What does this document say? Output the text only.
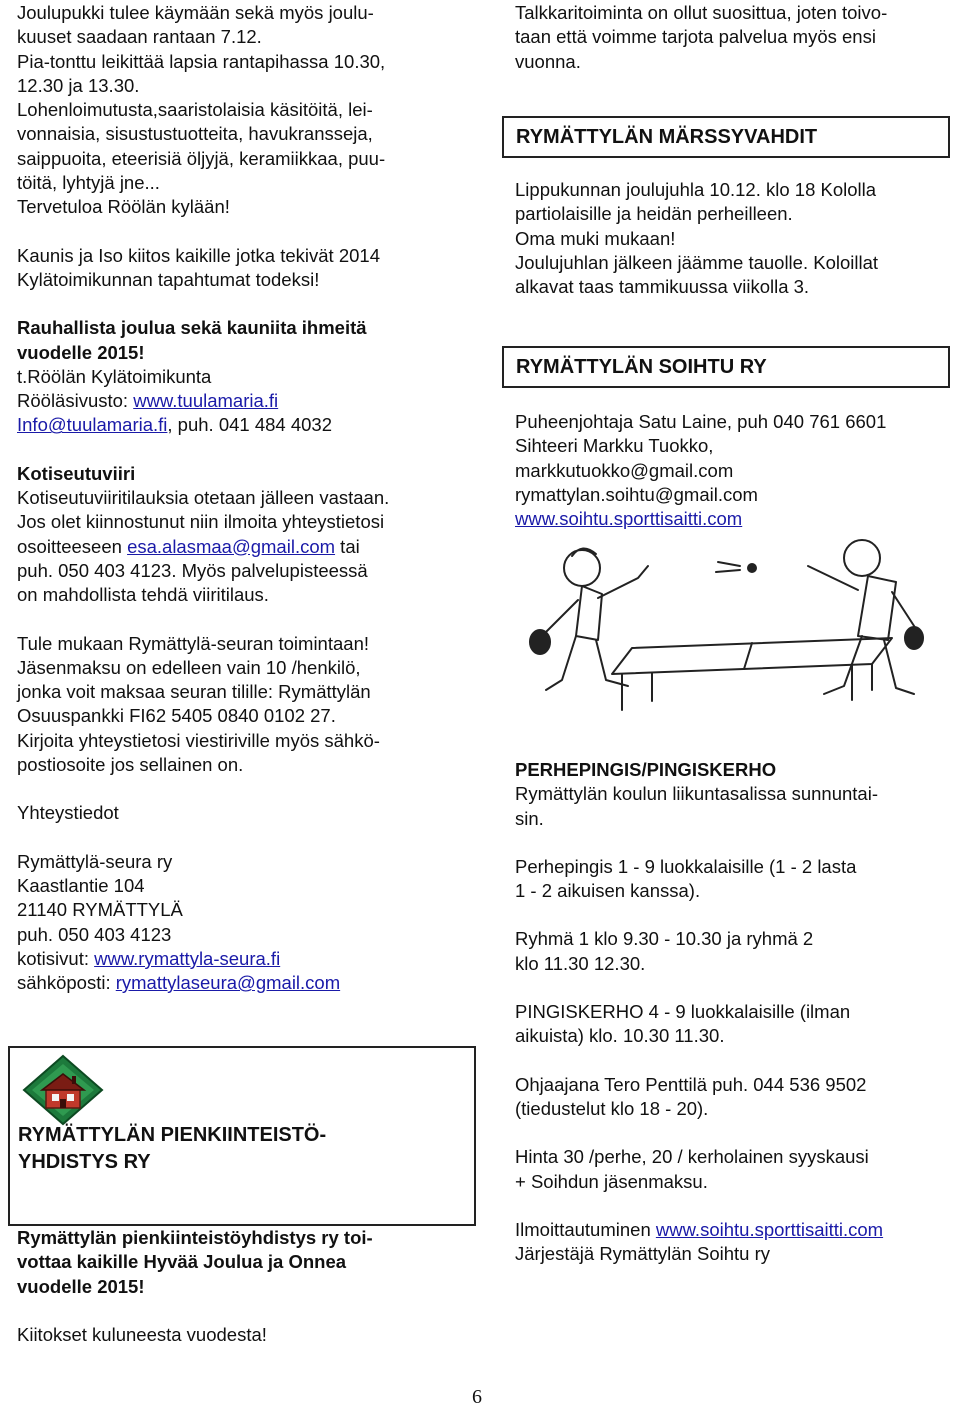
Joulupukki tulee käymään sekä myös joulu-

kuuset saadaan rantaan 7.12.

Pia-tonttu leikittää lapsia rantapihassa 10.30,

12.30 ja 13.30.

Lohenloimutusta,saaristolaisia käsitöitä, lei-

vonnaisia, sisustustuotteita, havukransseja,

saippuoita, eteerisiä öljyjä, keramiikkaa, puu-

töitä, lyhtyjä jne...

Tervetuloa Röölän kylään!

Kaunis ja Iso kiitos kaikille jotka tekivät 2014

Kylätoimikunnan tapahtumat todeksi!

Rauhallista joulua sekä kauniita ihmeitä

vuodelle 2015!

t.Röölän Kylätoimikunta

Rööläsivusto: www.tuulamaria.fi

Info@tuulamaria.fi, puh. 041 484 4032

Kotiseutuviiri

Kotiseutuviiritilauksia otetaan jälleen vastaan.

Jos olet kiinnostunut niin ilmoita yhteystietosi

osoitteeseen esa.alasmaa@gmail.com tai

puh. 050 403 4123. Myös palvelupisteessä

on mahdollista tehdä viiritilaus.

Tule mukaan Rymättylä-seuran toimintaan!

Jäsenmaksu on edelleen vain 10 /henkilö,

jonka voit maksaa seuran tilille: Rymättylän

Osuuspankki FI62 5405 0840 0102 27.

Kirjoita yhteystietosi viestiriville myös sähkö-

postiosoite jos sellainen on.

Yhteystiedot

Rymättylä-seura ry

Kaastlantie 104

21140 RYMÄTTYLÄ

puh. 050 403 4123

kotisivut: www.rymattyla-seura.fi

sähköposti: rymattylaseura@gmail.com

RYMÄTTYLÄN PIENKIINTEISTÖ-
YHDISTYS RY

Rymättylän pienkiinteistöyhdistys ry toi-

vottaa kaikille Hyvää Joulua ja Onnea

vuodelle 2015!

Kiitokset kuluneesta vuodesta!

Talkkaritoiminta on ollut suosittua, joten toivo-

taan että voimme tarjota palvelua myös ensi

vuonna.

RYMÄTTYLÄN MÄRSSYVAHDIT

Lippukunnan joulujuhla 10.12. klo 18 Kololla

partiolaisille ja heidän perheilleen.

Oma muki mukaan!

Joulujuhlan jälkeen jäämme tauolle. Koloillat

alkavat taas tammikuussa viikolla 3.

RYMÄTTYLÄN SOIHTU RY

Puheenjohtaja Satu Laine, puh 040 761 6601

Sihteeri Markku Tuokko,

markkutuokko@gmail.com

rymattylan.soihtu@gmail.com

www.soihtu.sporttisaitti.com

PERHEPINGIS/PINGISKERHO

Rymättylän koulun liikuntasalissa sunnuntai-

sin.

Perhepingis 1 - 9 luokkalaisille (1 - 2 lasta

1 - 2 aikuisen kanssa).

Ryhmä 1 klo 9.30 - 10.30 ja ryhmä 2

klo 11.30 12.30.

PINGISKERHO 4 - 9 luokkalaisille (ilman

aikuista) klo. 10.30 11.30.

Ohjaajana Tero Penttilä puh. 044 536 9502

(tiedustelut klo 18 - 20).

Hinta 30 /perhe, 20 / kerholainen syyskausi

+ Soihdun jäsenmaksu.

Ilmoittautuminen www.soihtu.sporttisaitti.com

Järjestäjä Rymättylän Soihtu ry

6
